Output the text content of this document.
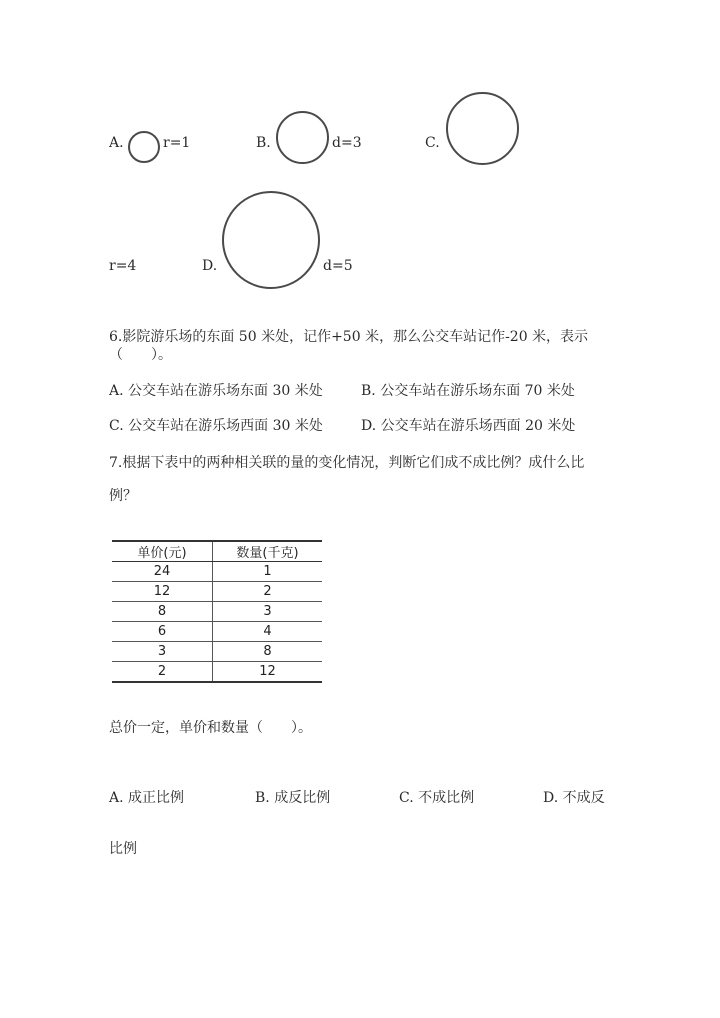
A.	r=1	B.	d=3	C.
r=4	D.	d=5
6.影院游乐场的东面 50 米处，记作+50 米，那么公交车站记作-20 米，表示
（　　）。
A. 公交车站在游乐场东面 30 米处	B. 公交车站在游乐场东面 70 米处
C. 公交车站在游乐场西面 30 米处	D. 公交车站在游乐场西面 20 米处
7.根据下表中的两种相关联的量的变化情况，判断它们成不成比例？成什么比
例？
单价(元)	数量(千克)
24	1
12	2
8	3
6	4
3	8
2	12
总价一定，单价和数量（　　）。
A. 成正比例	B. 成反比例	C. 不成比例	D. 不成反
比例
